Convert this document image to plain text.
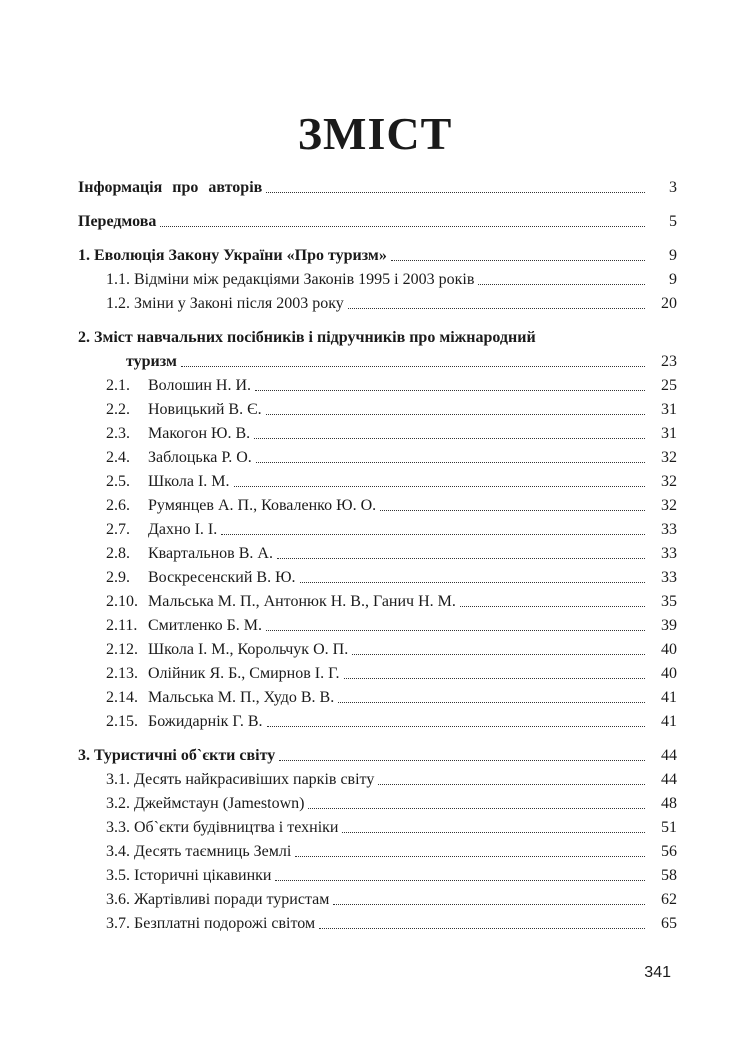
ЗМІСТ
Інформація про авторів	3
Передмова	5
1. Еволюція Закону України «Про туризм»	9
1.1. Відміни між редакціями Законів 1995 і 2003 років	9
1.2. Зміни у Законі після 2003 року	20
2. Зміст навчальних посібників і підручників про міжнародний
туризм	23
2.1. Волошин Н. И.	25
2.2. Новицький В. Є.	31
2.3. Макогон Ю. В.	31
2.4. Заблоцька Р. О.	32
2.5. Школа І. М.	32
2.6. Румянцев А. П., Коваленко Ю. О.	32
2.7. Дахно І. І.	33
2.8. Квартальнов В. А.	33
2.9. Воскресенский В. Ю.	33
2.10. Мальська М. П., Антонюк Н. В., Ганич Н. М.	35
2.11. Смитленко Б. М.	39
2.12. Школа І. М., Корольчук О. П.	40
2.13. Олійник Я. Б., Смирнов І. Г.	40
2.14. Мальська М. П., Худо В. В.	41
2.15. Божидарнік Г. В.	41
3. Туристичні об`єкти світу	44
3.1. Десять найкрасивіших парків світу	44
3.2. Джеймстаун (Jamestown)	48
3.3. Об`єкти будівництва і техніки	51
3.4. Десять таємниць Землі	56
3.5. Історичні цікавинки	58
3.6. Жартівливі поради туристам	62
3.7. Безплатні подорожі світом	65
341
